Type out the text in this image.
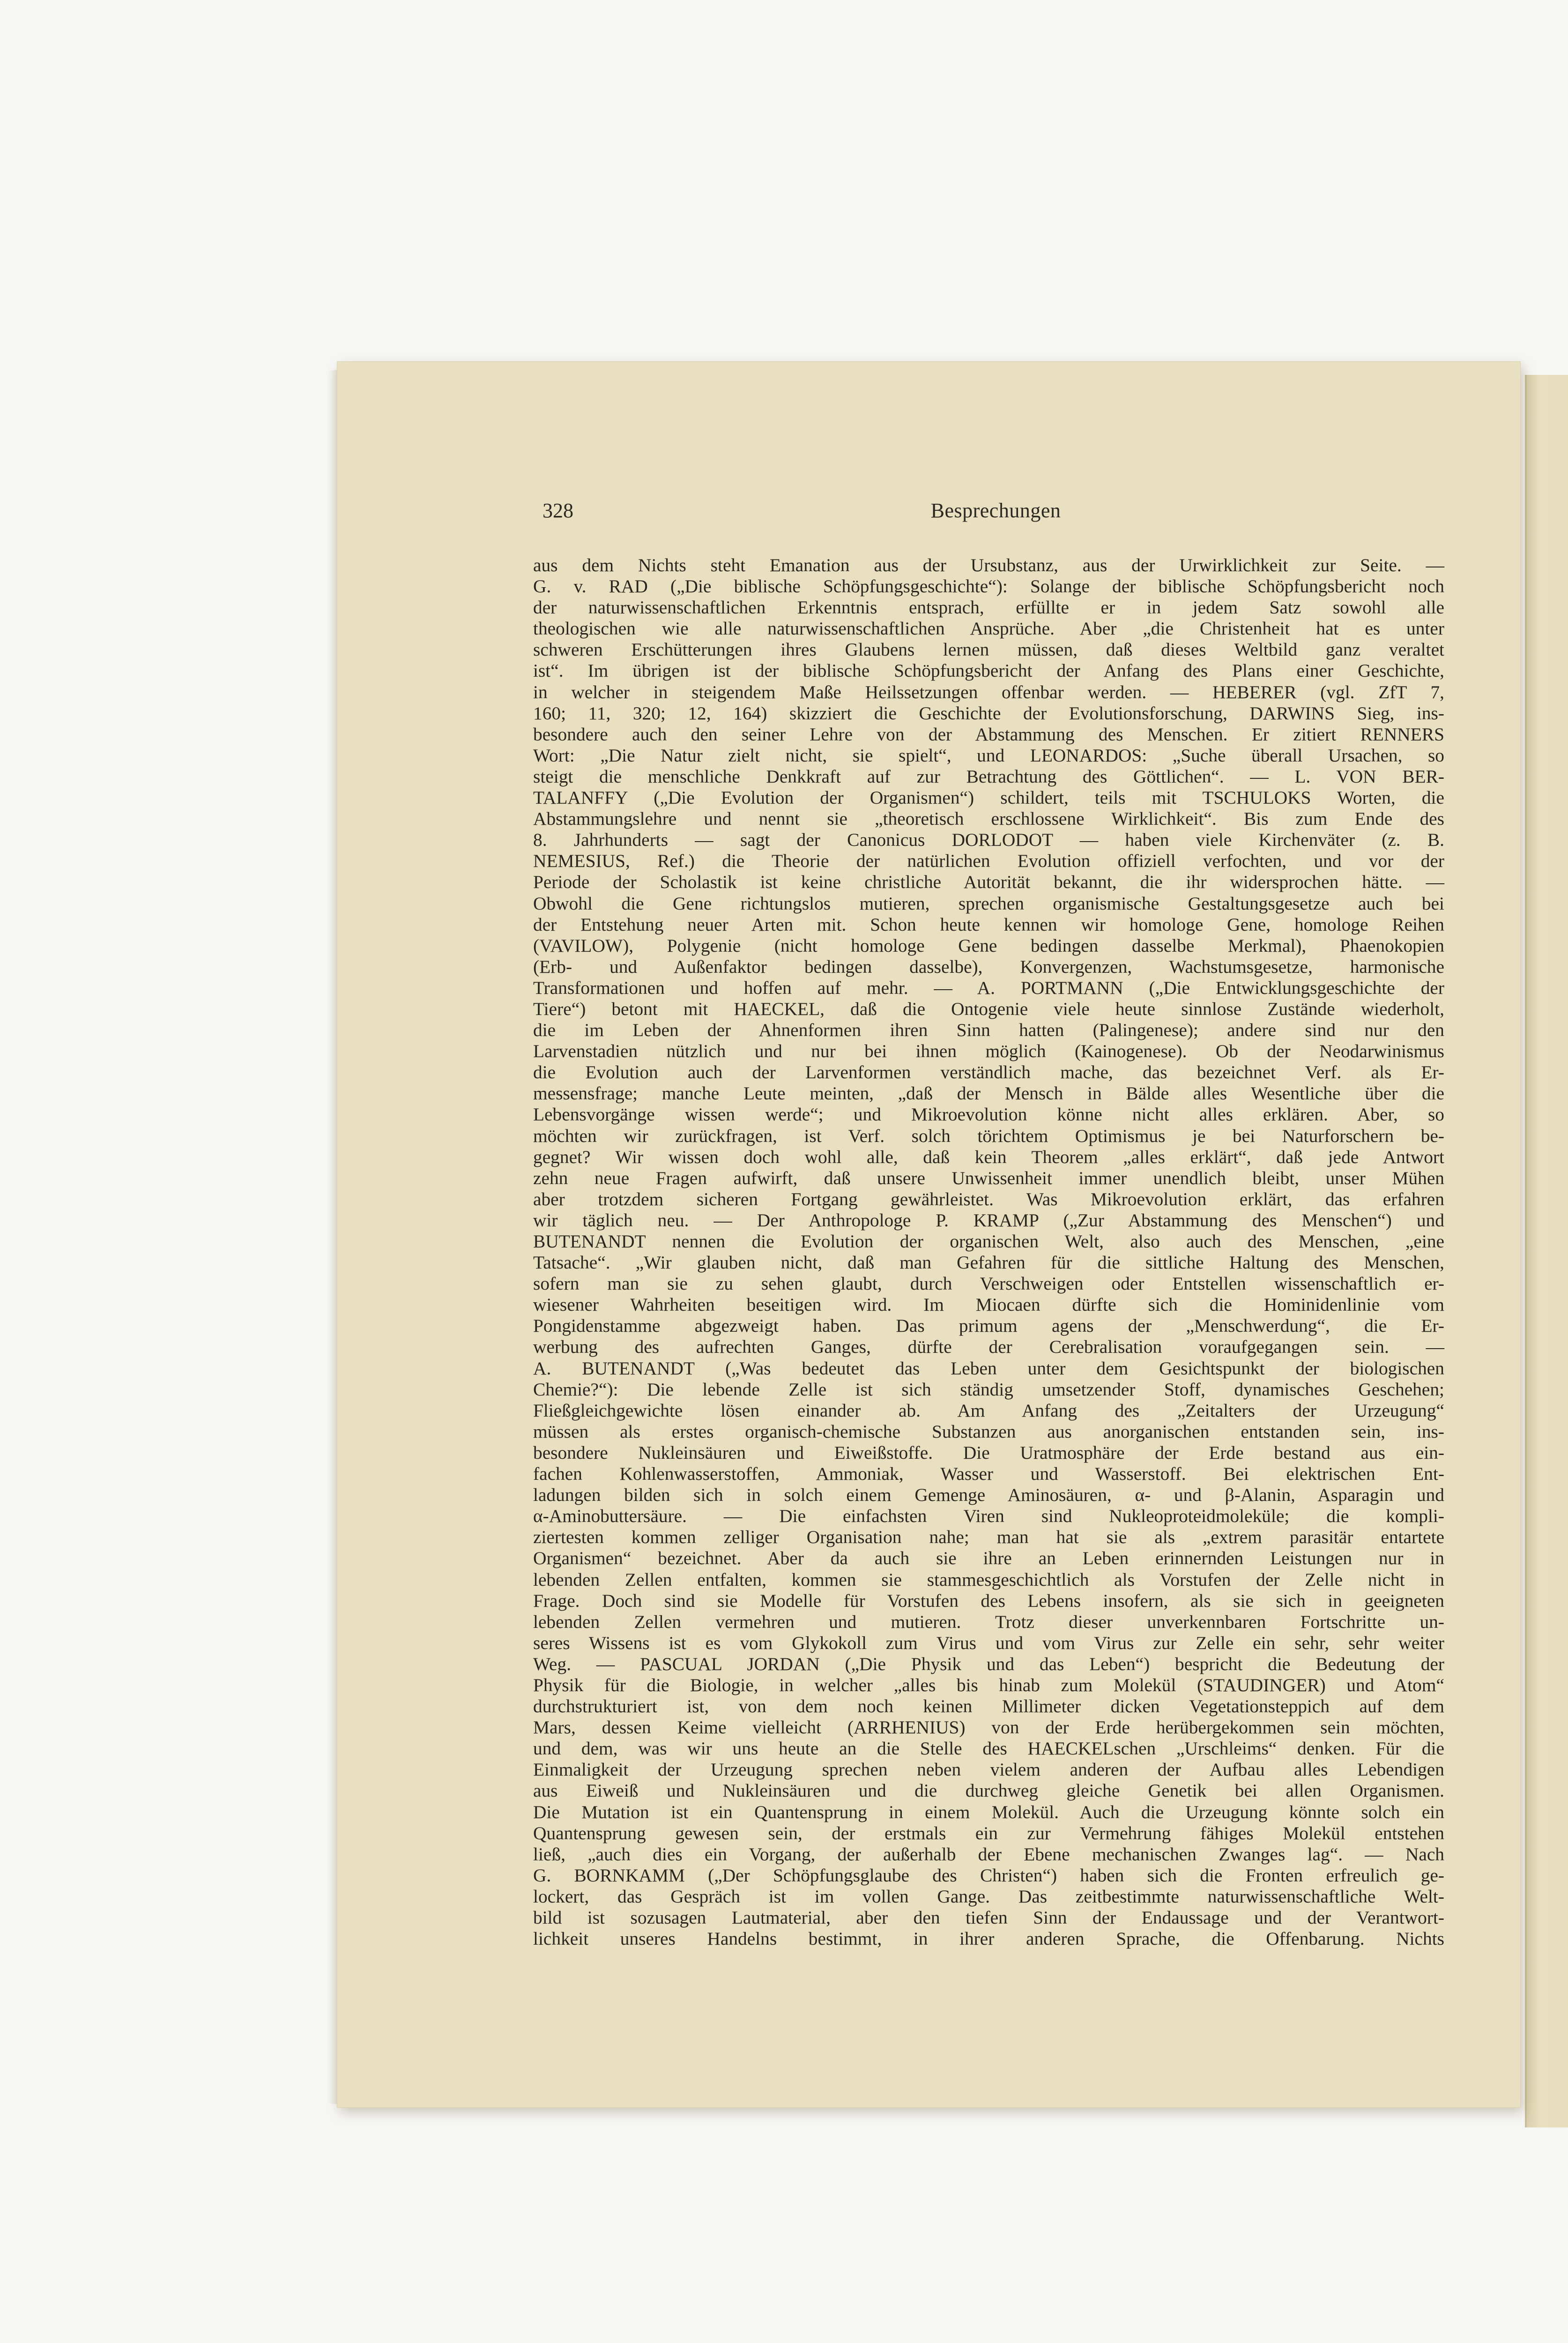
328	Besprechungen
aus dem Nichts steht Emanation aus der Ursubstanz, aus der Urwirklichkeit zur Seite. —
G. v. RAD („Die biblische Schöpfungsgeschichte“): Solange der biblische Schöpfungsbericht noch
der naturwissenschaftlichen Erkenntnis entsprach, erfüllte er in jedem Satz sowohl alle
theologischen wie alle naturwissenschaftlichen Ansprüche. Aber „die Christenheit hat es unter
schweren Erschütterungen ihres Glaubens lernen müssen, daß dieses Weltbild ganz veraltet
ist“. Im übrigen ist der biblische Schöpfungsbericht der Anfang des Plans einer Geschichte,
in welcher in steigendem Maße Heilssetzungen offenbar werden. — HEBERER (vgl. ZfT 7,
160; 11, 320; 12, 164) skizziert die Geschichte der Evolutionsforschung, DARWINS Sieg, ins-
besondere auch den seiner Lehre von der Abstammung des Menschen. Er zitiert RENNERS
Wort: „Die Natur zielt nicht, sie spielt“, und LEONARDOS: „Suche überall Ursachen, so
steigt die menschliche Denkkraft auf zur Betrachtung des Göttlichen“. — L. VON BER-
TALANFFY („Die Evolution der Organismen“) schildert, teils mit TSCHULOKS Worten, die
Abstammungslehre und nennt sie „theoretisch erschlossene Wirklichkeit“. Bis zum Ende des
8. Jahrhunderts — sagt der Canonicus DORLODOT — haben viele Kirchenväter (z. B.
NEMESIUS, Ref.) die Theorie der natürlichen Evolution offiziell verfochten, und vor der
Periode der Scholastik ist keine christliche Autorität bekannt, die ihr widersprochen hätte. —
Obwohl die Gene richtungslos mutieren, sprechen organismische Gestaltungsgesetze auch bei
der Entstehung neuer Arten mit. Schon heute kennen wir homologe Gene, homologe Reihen
(VAVILOW), Polygenie (nicht homologe Gene bedingen dasselbe Merkmal), Phaenokopien
(Erb- und Außenfaktor bedingen dasselbe), Konvergenzen, Wachstumsgesetze, harmonische
Transformationen und hoffen auf mehr. — A. PORTMANN („Die Entwicklungsgeschichte der
Tiere“) betont mit HAECKEL, daß die Ontogenie viele heute sinnlose Zustände wiederholt,
die im Leben der Ahnenformen ihren Sinn hatten (Palingenese); andere sind nur den
Larvenstadien nützlich und nur bei ihnen möglich (Kainogenese). Ob der Neodarwinismus
die Evolution auch der Larvenformen verständlich mache, das bezeichnet Verf. als Er-
messensfrage; manche Leute meinten, „daß der Mensch in Bälde alles Wesentliche über die
Lebensvorgänge wissen werde“; und Mikroevolution könne nicht alles erklären. Aber, so
möchten wir zurückfragen, ist Verf. solch törichtem Optimismus je bei Naturforschern be-
gegnet? Wir wissen doch wohl alle, daß kein Theorem „alles erklärt“, daß jede Antwort
zehn neue Fragen aufwirft, daß unsere Unwissenheit immer unendlich bleibt, unser Mühen
aber trotzdem sicheren Fortgang gewährleistet. Was Mikroevolution erklärt, das erfahren
wir täglich neu. — Der Anthropologe P. KRAMP („Zur Abstammung des Menschen“) und
BUTENANDT nennen die Evolution der organischen Welt, also auch des Menschen, „eine
Tatsache“. „Wir glauben nicht, daß man Gefahren für die sittliche Haltung des Menschen,
sofern man sie zu sehen glaubt, durch Verschweigen oder Entstellen wissenschaftlich er-
wiesener Wahrheiten beseitigen wird. Im Miocaen dürfte sich die Hominidenlinie vom
Pongidenstamme abgezweigt haben. Das primum agens der „Menschwerdung“, die Er-
werbung des aufrechten Ganges, dürfte der Cerebralisation voraufgegangen sein. —
A. BUTENANDT („Was bedeutet das Leben unter dem Gesichtspunkt der biologischen
Chemie?“): Die lebende Zelle ist sich ständig umsetzender Stoff, dynamisches Geschehen;
Fließgleichgewichte lösen einander ab. Am Anfang des „Zeitalters der Urzeugung“
müssen als erstes organisch-chemische Substanzen aus anorganischen entstanden sein, ins-
besondere Nukleinsäuren und Eiweißstoffe. Die Uratmosphäre der Erde bestand aus ein-
fachen Kohlenwasserstoffen, Ammoniak, Wasser und Wasserstoff. Bei elektrischen Ent-
ladungen bilden sich in solch einem Gemenge Aminosäuren, α- und β-Alanin, Asparagin und
α-Aminobuttersäure. — Die einfachsten Viren sind Nukleoproteidmoleküle; die kompli-
ziertesten kommen zelliger Organisation nahe; man hat sie als „extrem parasitär entartete
Organismen“ bezeichnet. Aber da auch sie ihre an Leben erinnernden Leistungen nur in
lebenden Zellen entfalten, kommen sie stammesgeschichtlich als Vorstufen der Zelle nicht in
Frage. Doch sind sie Modelle für Vorstufen des Lebens insofern, als sie sich in geeigneten
lebenden Zellen vermehren und mutieren. Trotz dieser unverkennbaren Fortschritte un-
seres Wissens ist es vom Glykokoll zum Virus und vom Virus zur Zelle ein sehr, sehr weiter
Weg. — PASCUAL JORDAN („Die Physik und das Leben“) bespricht die Bedeutung der
Physik für die Biologie, in welcher „alles bis hinab zum Molekül (STAUDINGER) und Atom“
durchstrukturiert ist, von dem noch keinen Millimeter dicken Vegetationsteppich auf dem
Mars, dessen Keime vielleicht (ARRHENIUS) von der Erde herübergekommen sein möchten,
und dem, was wir uns heute an die Stelle des HAECKELschen „Urschleims“ denken. Für die
Einmaligkeit der Urzeugung sprechen neben vielem anderen der Aufbau alles Lebendigen
aus Eiweiß und Nukleinsäuren und die durchweg gleiche Genetik bei allen Organismen.
Die Mutation ist ein Quantensprung in einem Molekül. Auch die Urzeugung könnte solch ein
Quantensprung gewesen sein, der erstmals ein zur Vermehrung fähiges Molekül entstehen
ließ, „auch dies ein Vorgang, der außerhalb der Ebene mechanischen Zwanges lag“. — Nach
G. BORNKAMM („Der Schöpfungsglaube des Christen“) haben sich die Fronten erfreulich ge-
lockert, das Gespräch ist im vollen Gange. Das zeitbestimmte naturwissenschaftliche Welt-
bild ist sozusagen Lautmaterial, aber den tiefen Sinn der Endaussage und der Verantwort-
lichkeit unseres Handelns bestimmt, in ihrer anderen Sprache, die Offenbarung. Nichts
